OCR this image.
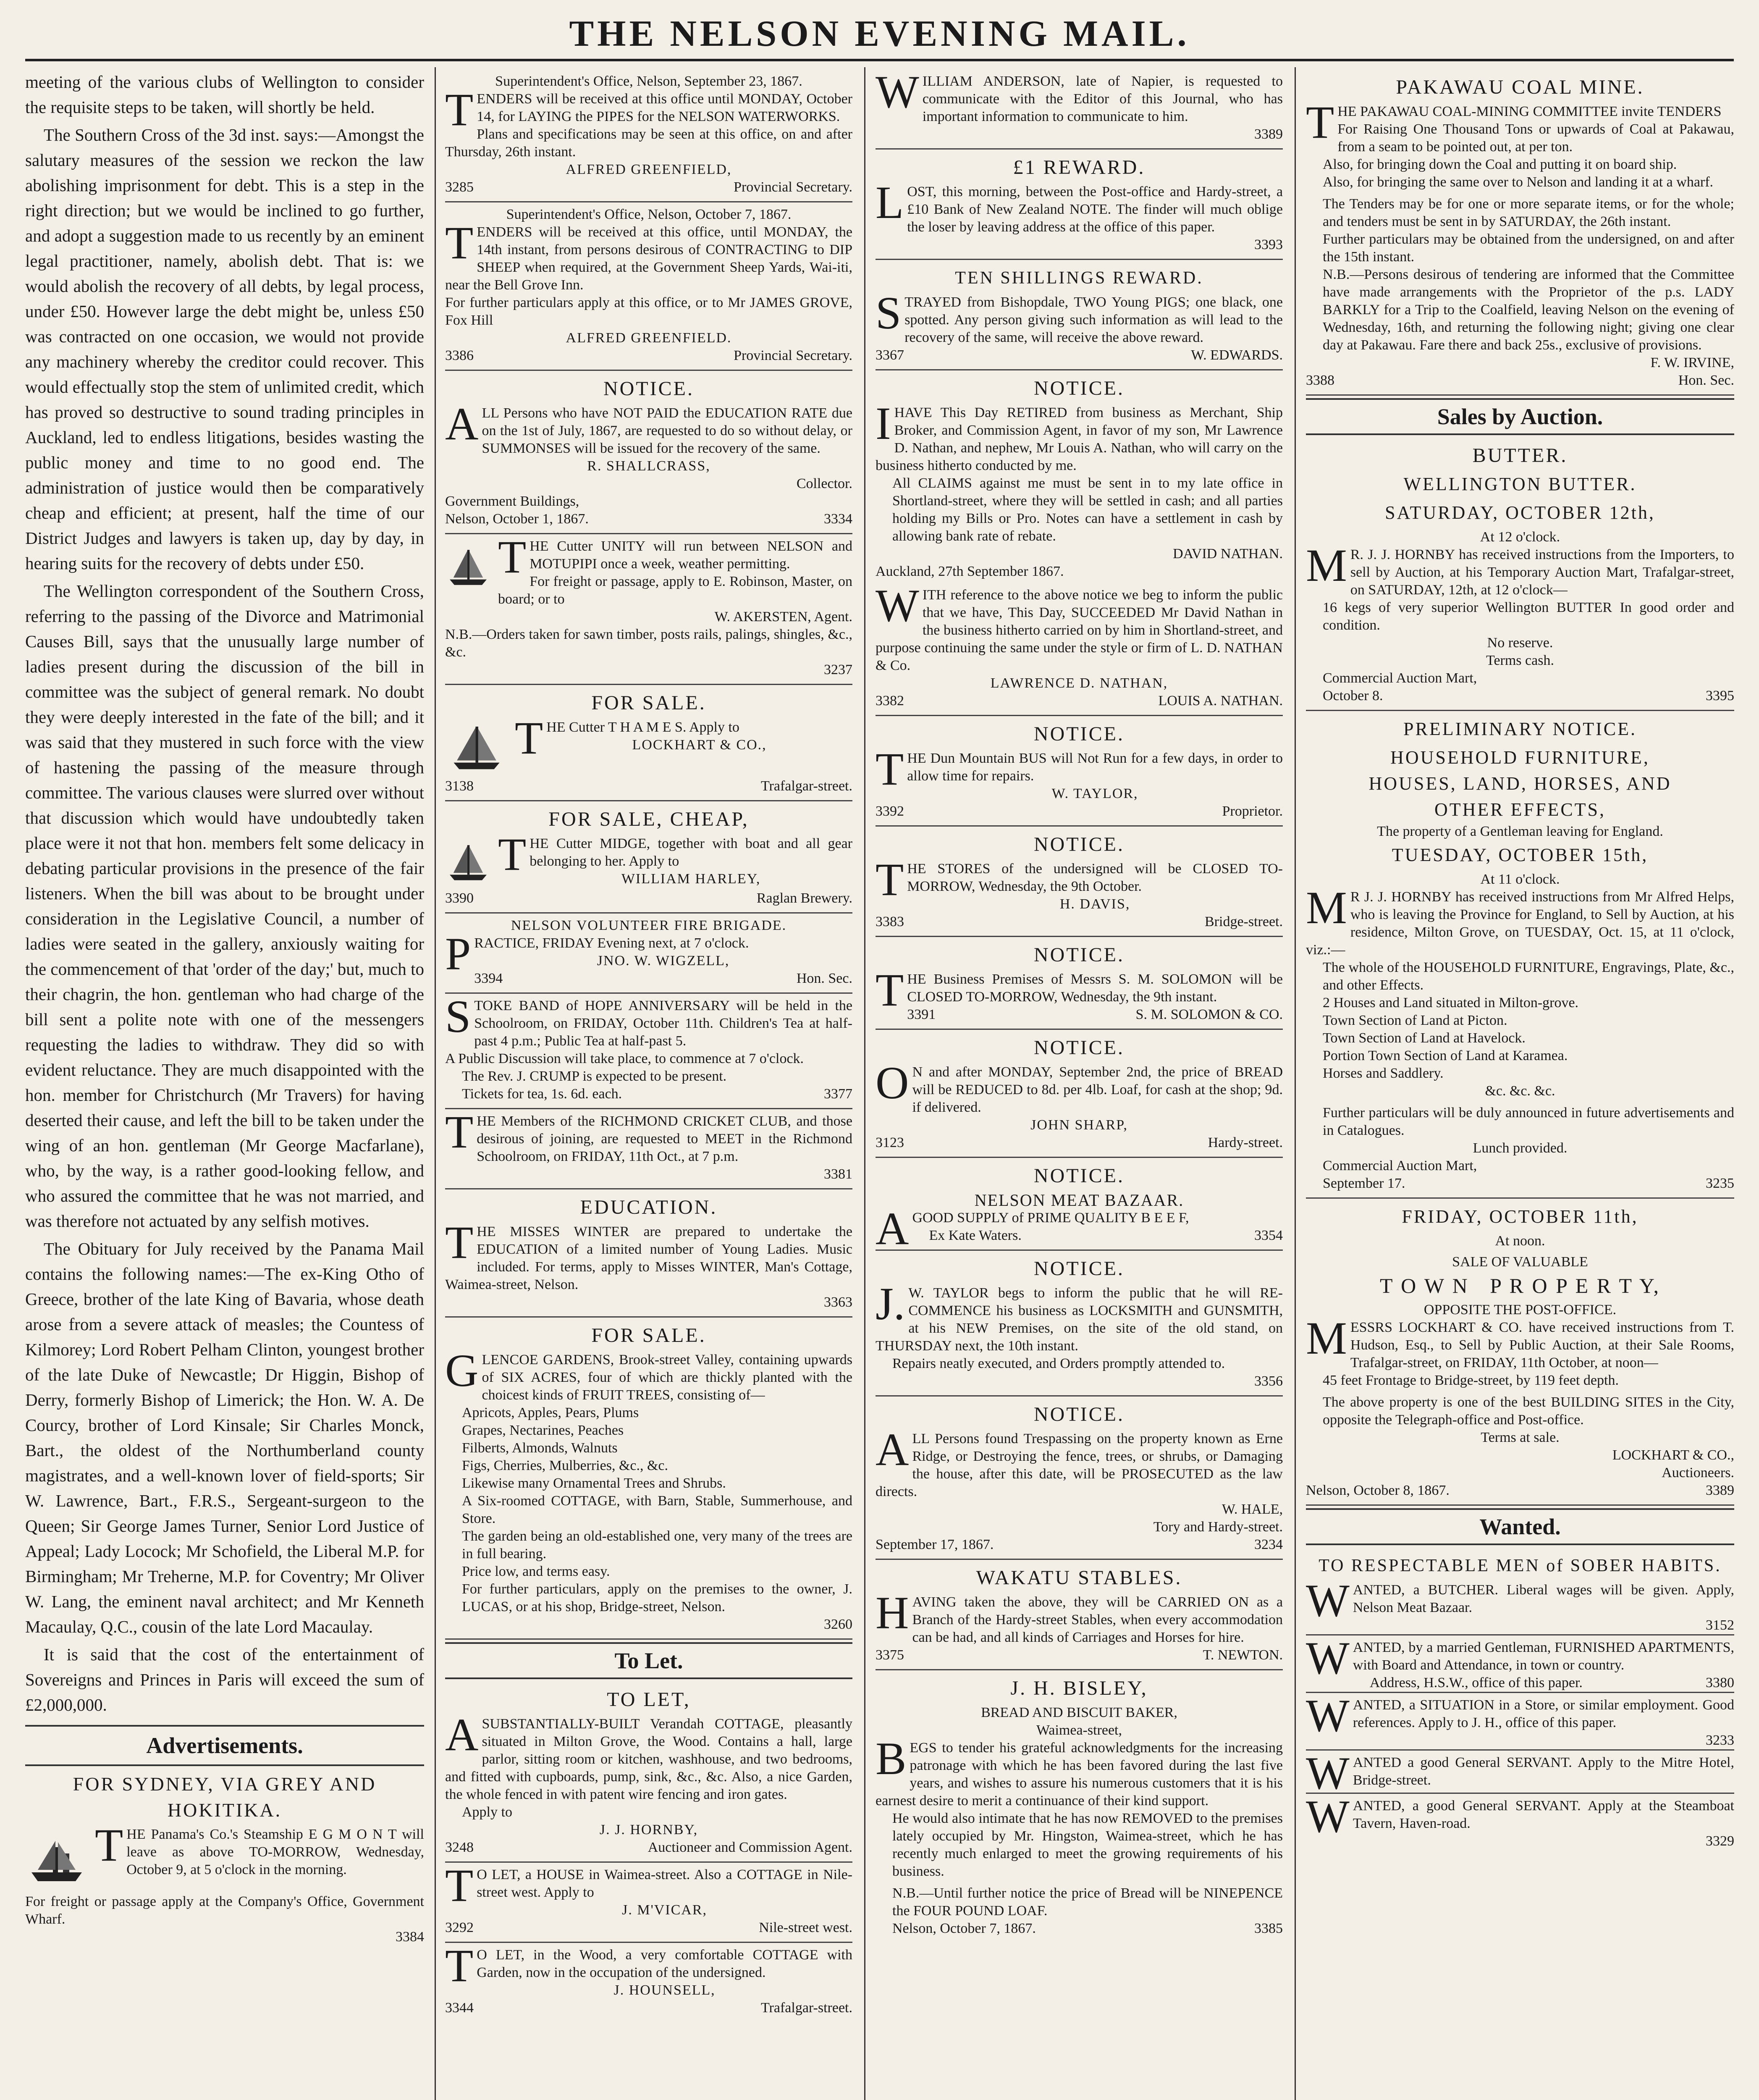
THE NELSON EVENING MAIL.

meeting of the various clubs of Wellington to consider the requisite steps to be taken, will shortly be held.

The Southern Cross of the 3d inst. says:—Amongst the salutary measures of the session we reckon the law abolishing imprisonment for debt. This is a step in the right direction; but we would be inclined to go further, and adopt a suggestion made to us recently by an eminent legal practitioner, namely, abolish debt. That is: we would abolish the recovery of all debts, by legal process, under £50. However large the debt might be, unless £50 was contracted on one occasion, we would not provide any machinery whereby the creditor could recover. This would effectually stop the stem of unlimited credit, which has proved so destructive to sound trading principles in Auckland, led to endless litigations, besides wasting the public money and time to no good end. The administration of justice would then be comparatively cheap and efficient; at present, half the time of our District Judges and lawyers is taken up, day by day, in hearing suits for the recovery of debts under £50.

The Wellington correspondent of the Southern Cross, referring to the passing of the Divorce and Matrimonial Causes Bill, says that the unusually large number of ladies present during the discussion of the bill in committee was the subject of general remark. No doubt they were deeply interested in the fate of the bill; and it was said that they mustered in such force with the view of hastening the passing of the measure through committee. The various clauses were slurred over without that discussion which would have undoubtedly taken place were it not that hon. members felt some delicacy in debating particular provisions in the presence of the fair listeners. When the bill was about to be brought under consideration in the Legislative Council, a number of ladies were seated in the gallery, anxiously waiting for the commencement of that 'order of the day;' but, much to their chagrin, the hon. gentleman who had charge of the bill sent a polite note with one of the messengers requesting the ladies to withdraw. They did so with evident reluctance. They are much disappointed with the hon. member for Christchurch (Mr Travers) for having deserted their cause, and left the bill to be taken under the wing of an hon. gentleman (Mr George Macfarlane), who, by the way, is a rather good-looking fellow, and who assured the committee that he was not married, and was therefore not actuated by any selfish motives.

The Obituary for July received by the Panama Mail contains the following names:—The ex-King Otho of Greece, brother of the late King of Bavaria, whose death arose from a severe attack of measles; the Countess of Kilmorey; Lord Robert Pelham Clinton, youngest brother of the late Duke of Newcastle; Dr Higgin, Bishop of Derry, formerly Bishop of Limerick; the Hon. W. A. De Courcy, brother of Lord Kinsale; Sir Charles Monck, Bart., the oldest of the Northumberland county magistrates, and a well-known lover of field-sports; Sir W. Lawrence, Bart., F.R.S., Sergeant-surgeon to the Queen; Sir George James Turner, Senior Lord Justice of Appeal; Lady Locock; Mr Schofield, the Liberal M.P. for Birmingham; Mr Treherne, M.P. for Coventry; Mr Oliver W. Lang, the eminent naval architect; and Mr Kenneth Macaulay, Q.C., cousin of the late Lord Macaulay.

It is said that the cost of the entertainment of Sovereigns and Princes in Paris will exceed the sum of £2,000,000.

Advertisements.
FOR SYDNEY, VIA GREY AND HOKITIKA.
THE Panama's Co.'s Steamship E G M O N T will leave as above TO-MORROW, Wednesday, October 9, at 5 o'clock in the morning.
For freight or passage apply at the Company's Office, Government Wharf.
3384
Superintendent's Office, Nelson, September 23, 1867.
TENDERS will be received at this office until MONDAY, October 14, for LAYING the PIPES for the NELSON WATERWORKS.
Plans and specifications may be seen at this office, on and after Thursday, 26th instant.
ALFRED GREENFIELD,
3285	Provincial Secretary.
Superintendent's Office, Nelson, October 7, 1867.
TENDERS will be received at this office, until MONDAY, the 14th instant, from persons desirous of CONTRACTING to DIP SHEEP when required, at the Government Sheep Yards, Wai-iti, near the Bell Grove Inn.
For further particulars apply at this office, or to Mr JAMES GROVE, Fox Hill
ALFRED GREENFIELD.
3386	Provincial Secretary.
NOTICE.
ALL Persons who have NOT PAID the EDUCATION RATE due on the 1st of July, 1867, are requested to do so without delay, or SUMMONSES will be issued for the recovery of the same.
R. SHALLCRASS,
Collector.
Government Buildings,
Nelson, October 1, 1867.	3334
THE Cutter UNITY will run between NELSON and MOTUPIPI once a week, weather permitting.
For freight or passage, apply to E. Robinson, Master, on board; or to
W. AKERSTEN, Agent.
N.B.—Orders taken for sawn timber, posts rails, palings, shingles, &c., &c.
3237
FOR SALE.
THE Cutter T H A M E S. Apply to
LOCKHART & CO.,
3138	Trafalgar-street.
FOR SALE, CHEAP,
THE Cutter MIDGE, together with boat and all gear belonging to her. Apply to
WILLIAM HARLEY,
3390	Raglan Brewery.
NELSON VOLUNTEER FIRE BRIGADE.
PRACTICE, FRIDAY Evening next, at 7 o'clock.
JNO. W. WIGZELL,
3394	Hon. Sec.
STOKE BAND of HOPE ANNIVERSARY will be held in the Schoolroom, on FRIDAY, October 11th. Children's Tea at half-past 4 p.m.; Public Tea at half-past 5.
A Public Discussion will take place, to commence at 7 o'clock.
The Rev. J. CRUMP is expected to be present.
Tickets for tea, 1s. 6d. each.	3377
THE Members of the RICHMOND CRICKET CLUB, and those desirous of joining, are requested to MEET in the Richmond Schoolroom, on FRIDAY, 11th Oct., at 7 p.m.
3381
EDUCATION.
THE MISSES WINTER are prepared to undertake the EDUCATION of a limited number of Young Ladies. Music included. For terms, apply to Misses WINTER, Man's Cottage, Waimea-street, Nelson.
3363
FOR SALE.
GLENCOE GARDENS, Brook-street Valley, containing upwards of SIX ACRES, four of which are thickly planted with the choicest kinds of FRUIT TREES, consisting of—
Apricots, Apples, Pears, Plums
Grapes, Nectarines, Peaches
Filberts, Almonds, Walnuts
Figs, Cherries, Mulberries, &c., &c.
Likewise many Ornamental Trees and Shrubs.
A Six-roomed COTTAGE, with Barn, Stable, Summerhouse, and Store.
The garden being an old-established one, very many of the trees are in full bearing.
Price low, and terms easy.
For further particulars, apply on the premises to the owner, J. LUCAS, or at his shop, Bridge-street, Nelson.
3260
To Let.
TO LET,
ASUBSTANTIALLY-BUILT Verandah COTTAGE, pleasantly situated in Milton Grove, the Wood. Contains a hall, large parlor, sitting room or kitchen, washhouse, and two bedrooms, and fitted with cupboards, pump, sink, &c., &c. Also, a nice Garden, the whole fenced in with patent wire fencing and iron gates.
Apply to
J. J. HORNBY,
3248	Auctioneer and Commission Agent.
TO LET, a HOUSE in Waimea-street. Also a COTTAGE in Nile-street west. Apply to
J. M'VICAR,
3292	Nile-street west.
TO LET, in the Wood, a very comfortable COTTAGE with Garden, now in the occupation of the undersigned.
J. HOUNSELL,
3344	Trafalgar-street.
WILLIAM ANDERSON, late of Napier, is requested to communicate with the Editor of this Journal, who has important information to communicate to him.
3389
£1 REWARD.
LOST, this morning, between the Post-office and Hardy-street, a £10 Bank of New Zealand NOTE. The finder will much oblige the loser by leaving address at the office of this paper.
3393
TEN SHILLINGS REWARD.
STRAYED from Bishopdale, TWO Young PIGS; one black, one spotted. Any person giving such information as will lead to the recovery of the same, will receive the above reward.
3367	W. EDWARDS.
NOTICE.
IHAVE This Day RETIRED from business as Merchant, Ship Broker, and Commission Agent, in favor of my son, Mr Lawrence D. Nathan, and nephew, Mr Louis A. Nathan, who will carry on the business hitherto conducted by me.
All CLAIMS against me must be sent in to my late office in Shortland-street, where they will be settled in cash; and all parties holding my Bills or Pro. Notes can have a settlement in cash by allowing bank rate of rebate.
DAVID NATHAN.
Auckland, 27th September 1867.
WITH reference to the above notice we beg to inform the public that we have, This Day, SUCCEEDED Mr David Nathan in the business hitherto carried on by him in Shortland-street, and purpose continuing the same under the style or firm of L. D. NATHAN & Co.
LAWRENCE D. NATHAN,
3382	LOUIS A. NATHAN.
NOTICE.
THE Dun Mountain BUS will Not Run for a few days, in order to allow time for repairs.
W. TAYLOR,
3392	Proprietor.
NOTICE.
THE STORES of the undersigned will be CLOSED TO-MORROW, Wednesday, the 9th October.
H. DAVIS,
3383	Bridge-street.
NOTICE.
THE Business Premises of Messrs S. M. SOLOMON will be CLOSED TO-MORROW, Wednesday, the 9th instant.
3391	S. M. SOLOMON & CO.
NOTICE.
ON and after MONDAY, September 2nd, the price of BREAD will be REDUCED to 8d. per 4lb. Loaf, for cash at the shop; 9d. if delivered.
JOHN SHARP,
3123	Hardy-street.
NOTICE.
NELSON MEAT BAZAAR.
AGOOD SUPPLY of PRIME QUALITY B E E F,
Ex Kate Waters.	3354
NOTICE.
J.W. TAYLOR begs to inform the public that he will RE-COMMENCE his business as LOCKSMITH and GUNSMITH, at his NEW Premises, on the site of the old stand, on THURSDAY next, the 10th instant.
Repairs neatly executed, and Orders promptly attended to.
3356
NOTICE.
ALL Persons found Trespassing on the property known as Erne Ridge, or Destroying the fence, trees, or shrubs, or Damaging the house, after this date, will be PROSECUTED as the law directs.
W. HALE,
Tory and Hardy-street.
September 17, 1867.	3234
WAKATU STABLES.
HAVING taken the above, they will be CARRIED ON as a Branch of the Hardy-street Stables, when every accommodation can be had, and all kinds of Carriages and Horses for hire.
3375	T. NEWTON.
J. H. BISLEY,
BREAD AND BISCUIT BAKER,
Waimea-street,
BEGS to tender his grateful acknowledgments for the increasing patronage with which he has been favored during the last five years, and wishes to assure his numerous customers that it is his earnest desire to merit a continuance of their kind support.
He would also intimate that he has now REMOVED to the premises lately occupied by Mr. Hingston, Waimea-street, which he has recently much enlarged to meet the growing requirements of his business.
N.B.—Until further notice the price of Bread will be NINEPENCE the FOUR POUND LOAF.
Nelson, October 7, 1867.	3385
PAKAWAU COAL MINE.
THE PAKAWAU COAL-MINING COMMITTEE invite TENDERS
For Raising One Thousand Tons or upwards of Coal at Pakawau, from a seam to be pointed out, at per ton.
Also, for bringing down the Coal and putting it on board ship.
Also, for bringing the same over to Nelson and landing it at a wharf.
The Tenders may be for one or more separate items, or for the whole; and tenders must be sent in by SATURDAY, the 26th instant.
Further particulars may be obtained from the undersigned, on and after the 15th instant.
N.B.—Persons desirous of tendering are informed that the Committee have made arrangements with the Proprietor of the p.s. LADY BARKLY for a Trip to the Coalfield, leaving Nelson on the evening of Wednesday, 16th, and returning the following night; giving one clear day at Pakawau. Fare there and back 25s., exclusive of provisions.
F. W. IRVINE,
3388	Hon. Sec.
Sales by Auction.
BUTTER.
WELLINGTON BUTTER.
SATURDAY, OCTOBER 12th,
At 12 o'clock.
MR. J. J. HORNBY has received instructions from the Importers, to sell by Auction, at his Temporary Auction Mart, Trafalgar-street, on SATURDAY, 12th, at 12 o'clock—
16 kegs of very superior Wellington BUTTER In good order and condition.
No reserve.
Terms cash.
Commercial Auction Mart,
October 8.	3395
PRELIMINARY NOTICE.
HOUSEHOLD FURNITURE,
HOUSES, LAND, HORSES, AND
OTHER EFFECTS,
The property of a Gentleman leaving for England.
TUESDAY, OCTOBER 15th,
At 11 o'clock.
MR J. J. HORNBY has received instructions from Mr Alfred Helps, who is leaving the Province for England, to Sell by Auction, at his residence, Milton Grove, on TUESDAY, Oct. 15, at 11 o'clock, viz.:—
The whole of the HOUSEHOLD FURNITURE, Engravings, Plate, &c., and other Effects.
2 Houses and Land situated in Milton-grove.
Town Section of Land at Picton.
Town Section of Land at Havelock.
Portion Town Section of Land at Karamea.
Horses and Saddlery.
&c. &c. &c.
Further particulars will be duly announced in future advertisements and in Catalogues.
Lunch provided.
Commercial Auction Mart,
September 17.	3235
FRIDAY, OCTOBER 11th,
At noon.
SALE OF VALUABLE
T O W N   P R O P E R T Y,
OPPOSITE THE POST-OFFICE.
MESSRS LOCKHART & CO. have received instructions from T. Hudson, Esq., to Sell by Public Auction, at their Sale Rooms, Trafalgar-street, on FRIDAY, 11th October, at noon—
45 feet Frontage to Bridge-street, by 119 feet depth.
The above property is one of the best BUILDING SITES in the City, opposite the Telegraph-office and Post-office.
Terms at sale.
LOCKHART & CO.,
Auctioneers.
Nelson, October 8, 1867.	3389
Wanted.
TO RESPECTABLE MEN of SOBER HABITS.
WANTED, a BUTCHER. Liberal wages will be given. Apply, Nelson Meat Bazaar.
3152
WANTED, by a married Gentleman, FURNISHED APARTMENTS, with Board and Attendance, in town or country.
Address, H.S.W., office of this paper.	3380
WANTED, a SITUATION in a Store, or similar employment. Good references. Apply to J. H., office of this paper.
3233
WANTED a good General SERVANT. Apply to the Mitre Hotel, Bridge-street.
WANTED, a good General SERVANT. Apply at the Steamboat Tavern, Haven-road.
3329
